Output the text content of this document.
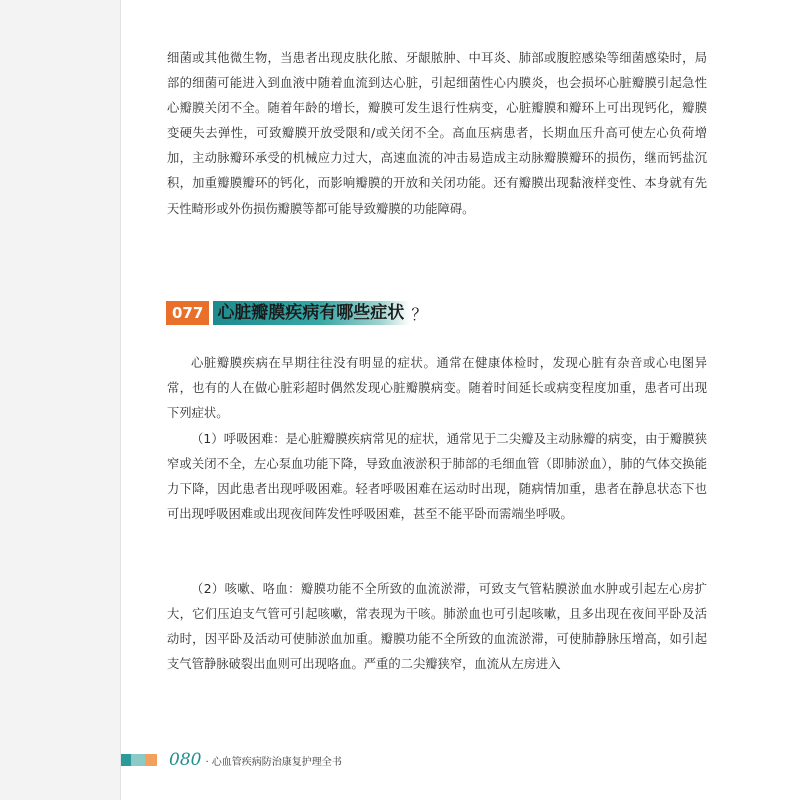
细菌或其他微生物，当患者出现皮肤化脓、牙龈脓肿、中耳炎、肺部或腹腔感染等细菌感染时，局部的细菌可能进入到血液中随着血流到达心脏，引起细菌性心内膜炎，也会损坏心脏瓣膜引起急性心瓣膜关闭不全。随着年龄的增长，瓣膜可发生退行性病变，心脏瓣膜和瓣环上可出现钙化，瓣膜变硬失去弹性，可致瓣膜开放受限和/或关闭不全。高血压病患者，长期血压升高可使左心负荷增加，主动脉瓣环承受的机械应力过大，高速血流的冲击易造成主动脉瓣膜瓣环的损伤，继而钙盐沉积，加重瓣膜瓣环的钙化，而影响瓣膜的开放和关闭功能。还有瓣膜出现黏液样变性、本身就有先天性畸形或外伤损伤瓣膜等都可能导致瓣膜的功能障碍。

077 心脏瓣膜疾病有哪些症状 ？

心脏瓣膜疾病在早期往往没有明显的症状。通常在健康体检时，发现心脏有杂音或心电图异常，也有的人在做心脏彩超时偶然发现心脏瓣膜病变。随着时间延长或病变程度加重，患者可出现下列症状。

（1）呼吸困难：是心脏瓣膜疾病常见的症状，通常见于二尖瓣及主动脉瓣的病变，由于瓣膜狭窄或关闭不全，左心泵血功能下降，导致血液淤积于肺部的毛细血管（即肺淤血），肺的气体交换能力下降，因此患者出现呼吸困难。轻者呼吸困难在运动时出现，随病情加重，患者在静息状态下也可出现呼吸困难或出现夜间阵发性呼吸困难，甚至不能平卧而需端坐呼吸。

（2）咳嗽、咯血：瓣膜功能不全所致的血流淤滞，可致支气管粘膜淤血水肿或引起左心房扩大，它们压迫支气管可引起咳嗽，常表现为干咳。肺淤血也可引起咳嗽，且多出现在夜间平卧及活动时，因平卧及活动可使肺淤血加重。瓣膜功能不全所致的血流淤滞，可使肺静脉压增高，如引起支气管静脉破裂出血则可出现咯血。严重的二尖瓣狭窄，血流从左房进入

080 · 心血管疾病防治康复护理全书
